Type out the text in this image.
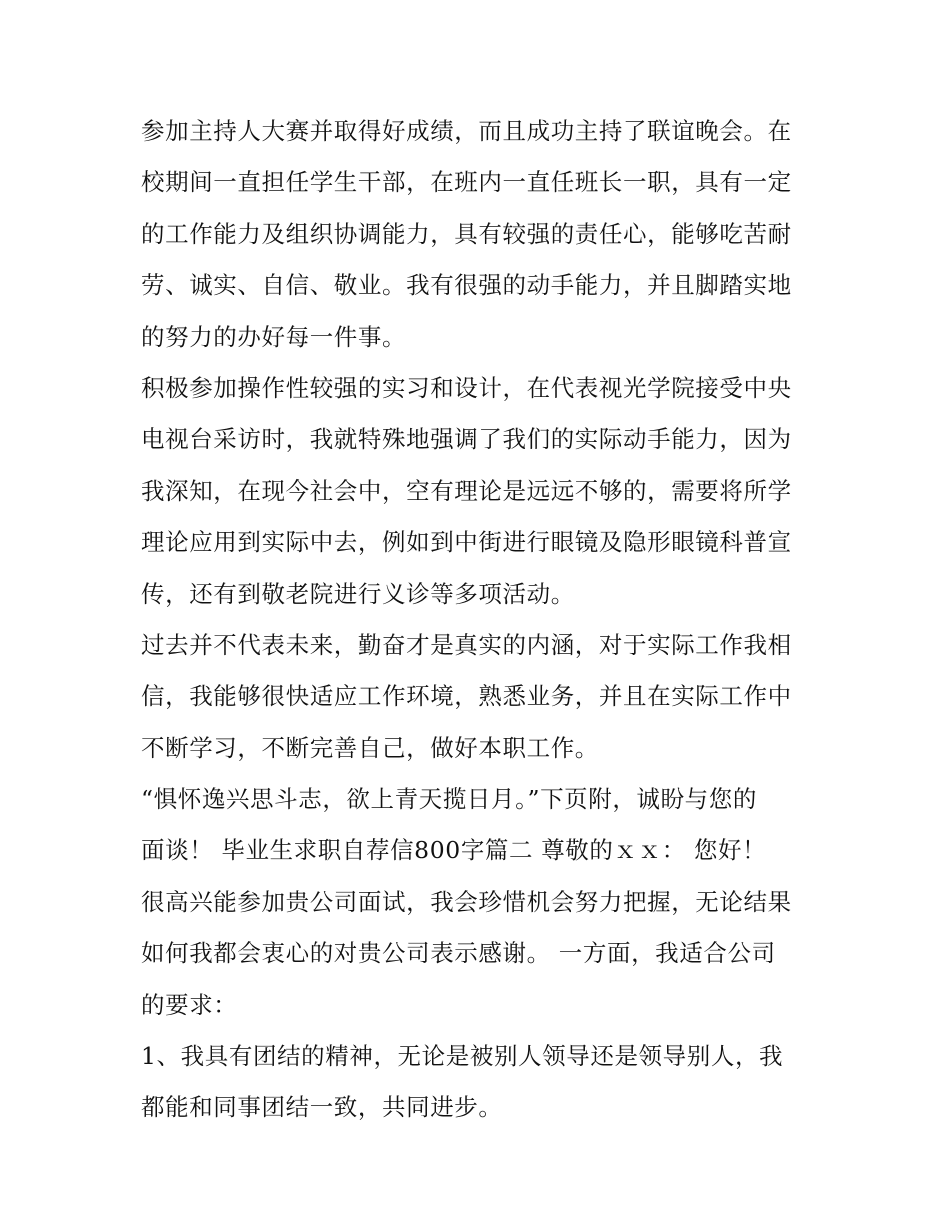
参加主持人大赛并取得好成绩，而且成功主持了联谊晚会。在
校期间一直担任学生干部，在班内一直任班长一职，具有一定
的工作能力及组织协调能力，具有较强的责任心，能够吃苦耐
劳、诚实、自信、敬业。我有很强的动手能力，并且脚踏实地
的努力的办好每一件事。
积极参加操作性较强的实习和设计，在代表视光学院接受中央
电视台采访时，我就特殊地强调了我们的实际动手能力，因为
我深知，在现今社会中，空有理论是远远不够的，需要将所学
理论应用到实际中去，例如到中街进行眼镜及隐形眼镜科普宣
传，还有到敬老院进行义诊等多项活动。
过去并不代表未来，勤奋才是真实的内涵，对于实际工作我相
信，我能够很快适应工作环境，熟悉业务，并且在实际工作中
不断学习，不断完善自己，做好本职工作。
“惧怀逸兴思斗志，欲上青天揽日月。”下页附，诚盼与您的
面谈！ 毕业生求职自荐信800字篇二 尊敬的ｘｘ： 您好！
很高兴能参加贵公司面试，我会珍惜机会努力把握，无论结果
如何我都会衷心的对贵公司表示感谢。 一方面，我适合公司
的要求：
1、我具有团结的精神，无论是被别人领导还是领导别人，我
都能和同事团结一致，共同进步。
